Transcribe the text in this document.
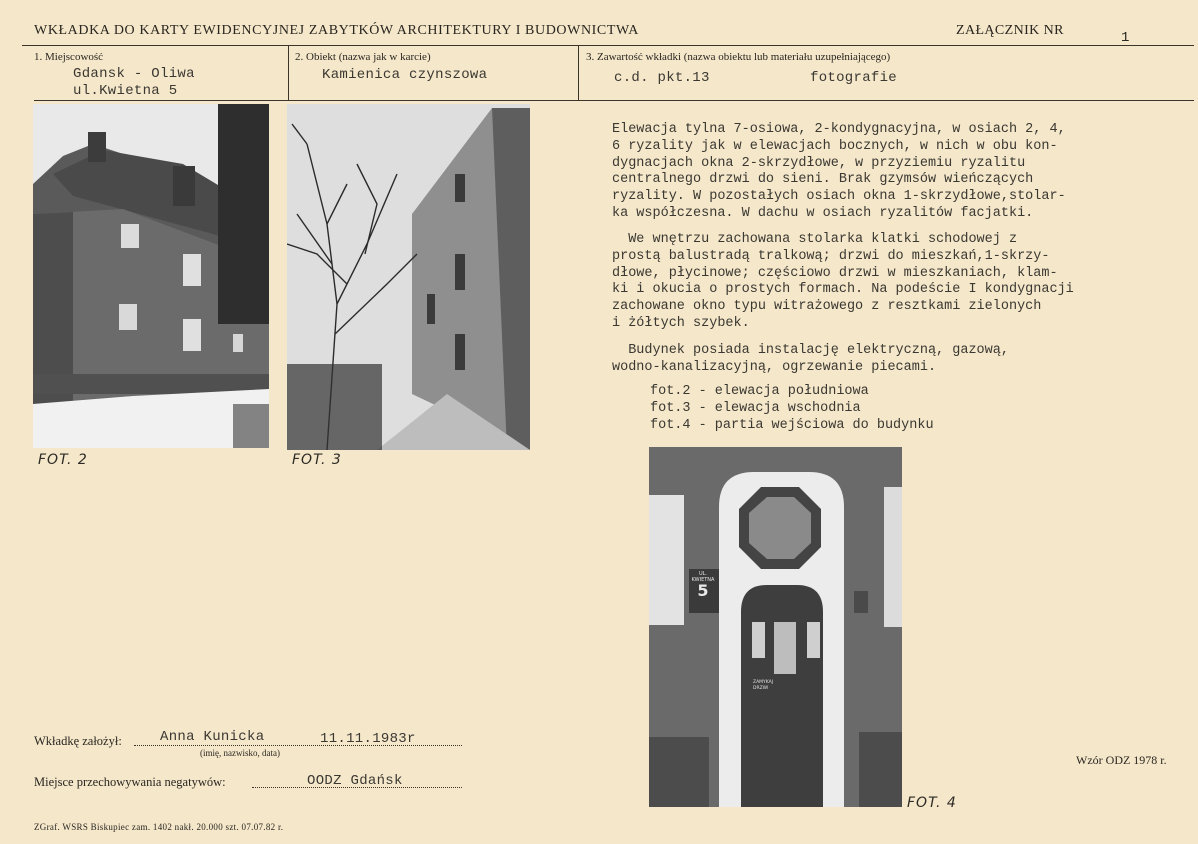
WKŁADKA DO KARTY EWIDENCYJNEJ ZABYTKÓW ARCHITEKTURY I BUDOWNICTWA	ZAŁĄCZNIK NR	1
1. Miejscowość
Gdansk - Oliwa
ul.Kwietna 5
2. Obiekt (nazwa jak w karcie)
Kamienica czynszowa
3. Zawartość wkładki (nazwa obiektu lub materiału uzupełniającego)
c.d. pkt.13	fotografie
FOT. 2	FOT. 3
UL. KWIETNA
5
ZAMYKAJ DRZWI
FOT. 4
Elewacja tylna 7-osiowa, 2-kondygnacyjna, w osiach 2, 4,
6 ryzality jak w elewacjach bocznych, w nich w obu kon-
dygnacjach okna 2-skrzydłowe, w przyziemiu ryzalitu
centralnego drzwi do sieni. Brak gzymsów wieńczących
ryzality. W pozostałych osiach okna 1-skrzydłowe,stolar-
ka współczesna. W dachu w osiach ryzalitów facjatki.
We wnętrzu zachowana stolarka klatki schodowej z
prostą balustradą tralkową; drzwi do mieszkań,1-skrzy-
dłowe, płycinowe; częściowo drzwi w mieszkaniach, klam-
ki i okucia o prostych formach. Na podeście I kondygnacji
zachowane okno typu witrażowego z resztkami zielonych
i żółtych szybek.
Budynek posiada instalację elektryczną, gazową,
wodno-kanalizacyjną, ogrzewanie piecami.
fot.2 - elewacja południowa
fot.3 - elewacja wschodnia
fot.4 - partia wejściowa do budynku
Wkładkę założył:	Anna Kunicka	11.11.1983r
(imię, nazwisko, data)
Miejsce przechowywania negatywów:	OODZ Gdańsk
Wzór ODZ 1978 r.
ZGraf. WSRS Biskupiec zam. 1402 nakł. 20.000 szt. 07.07.82 r.
